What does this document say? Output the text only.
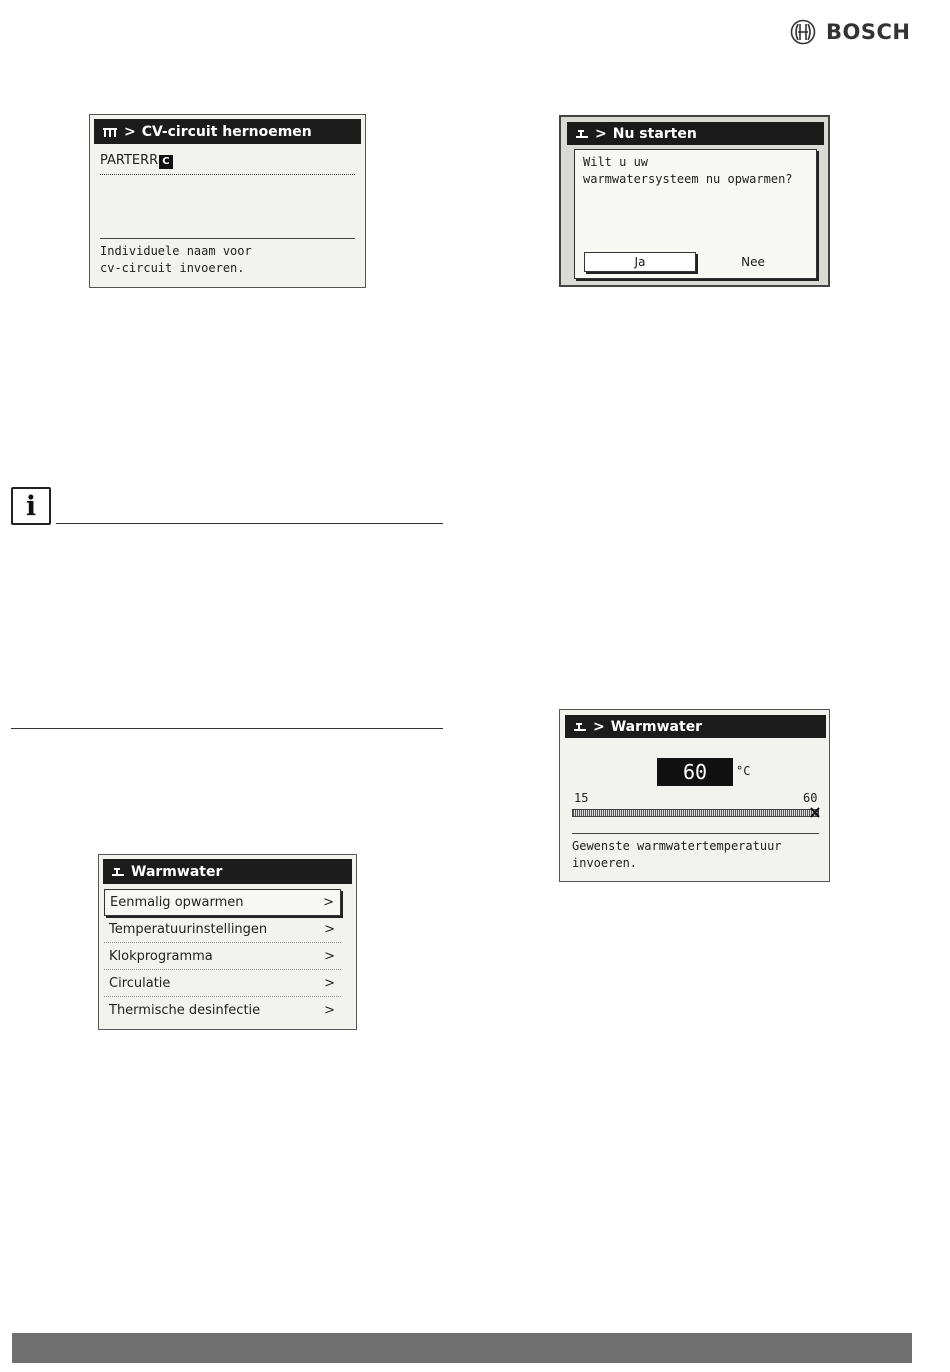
BOSCH
> CV-circuit hernoemen
PARTERR C
Individuele naam voor
cv-circuit invoeren.
> Nu starten
Wilt u uw
warmwatersysteem nu opwarmen?
Ja	Nee
i
Warmwater
Eenmalig opwarmen	>
Temperatuurinstellingen	>
Klokprogramma	>
Circulatie	>
Thermische desinfectie	>
> Warmwater
60	°C
15	60
Gewenste warmwatertemperatuur
invoeren.
